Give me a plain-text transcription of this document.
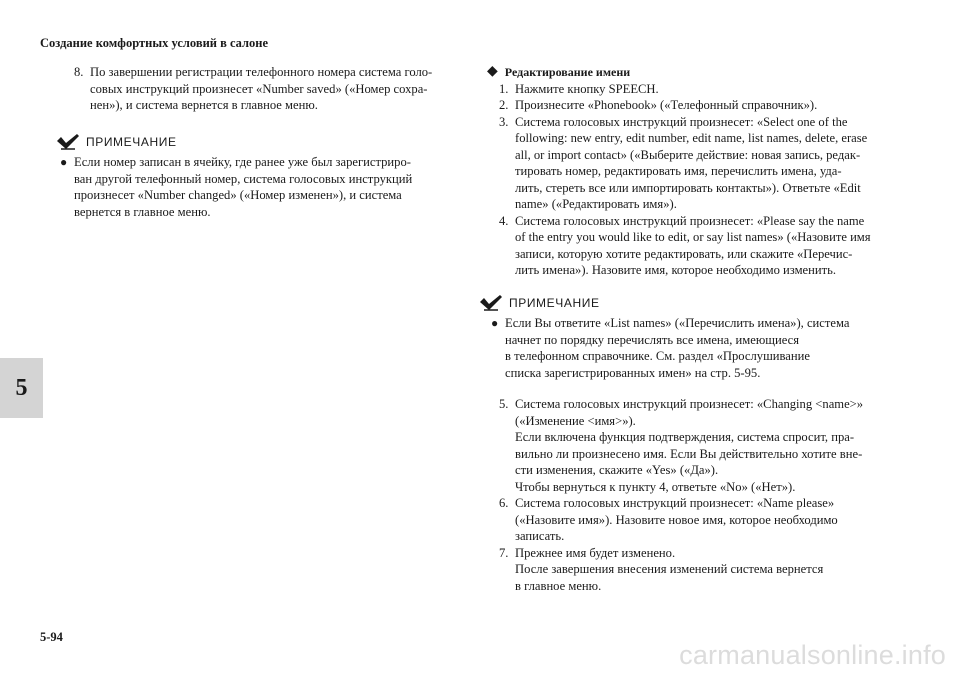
Создание комфортных условий в салоне
5
8. По завершении регистрации телефонного номера система голо-
совых инструкций произнесет «Number saved» («Номер сохра-
нен»), и система вернется в главное меню.
ПРИМЕЧАНИЕ
● Если номер записан в ячейку, где ранее уже был зарегистриро-
ван другой телефонный номер, система голосовых инструкций
произнесет «Number changed» («Номер изменен»), и система
вернется в главное меню.
◆ Редактирование имени
1. Нажмите кнопку SPEECH.
2. Произнесите «Phonebook» («Телефонный справочник»).
3. Система голосовых инструкций произнесет: «Select one of the
following: new entry, edit number, edit name, list names, delete, erase
all, or import contact» («Выберите действие: новая запись, редак-
тировать номер, редактировать имя, перечислить имена, уда-
лить, стереть все или импортировать контакты»). Ответьте «Edit
name» («Редактировать имя»).
4. Система голосовых инструкций произнесет: «Please say the name
of the entry you would like to edit, or say list names» («Назовите имя
записи, которую хотите редактировать, или скажите «Перечис-
лить имена»). Назовите имя, которое необходимо изменить.
ПРИМЕЧАНИЕ
● Если Вы ответите «List names» («Перечислить имена»), система
начнет по порядку перечислять все имена, имеющиеся
в телефонном справочнике. См. раздел «Прослушивание
списка зарегистрированных имен» на стр. 5-95.
5. Система голосовых инструкций произнесет: «Changing <name>»
(«Изменение <имя>»).
Если включена функция подтверждения, система спросит, пра-
вильно ли произнесено имя. Если Вы действительно хотите вне-
сти изменения, скажите «Yes» («Да»).
Чтобы вернуться к пункту 4, ответьте «No» («Нет»).
6. Система голосовых инструкций произнесет: «Name please»
(«Назовите имя»). Назовите новое имя, которое необходимо
записать.
7. Прежнее имя будет изменено.
После завершения внесения изменений система вернется
в главное меню.
5-94
carmanualsonline.info
